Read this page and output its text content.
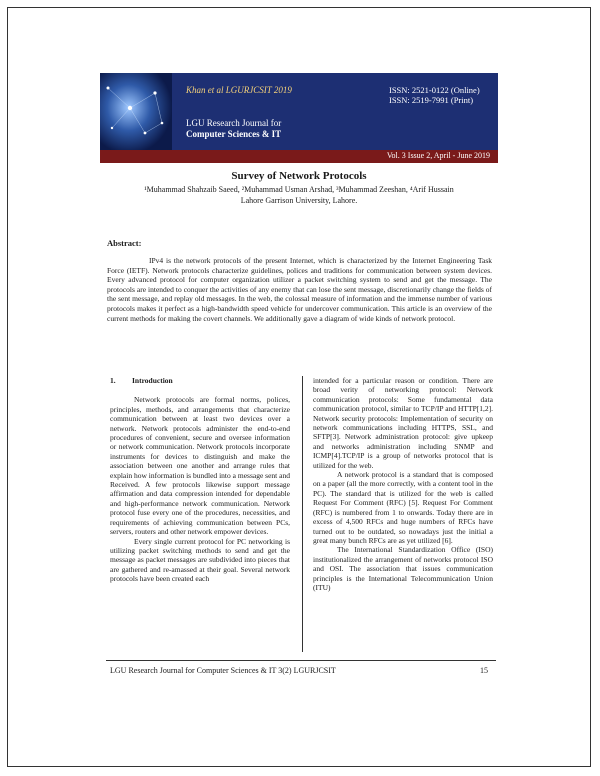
Khan et al LGURJCSIT 2019	ISSN: 2521-0122 (Online)
ISSN: 2519-7991 (Print)
LGU Research Journal for
Computer Sciences & IT
Vol. 3 Issue 2, April - June 2019
Survey of Network Protocols
¹Muhammad Shahzaib Saeed, ²Muhammad Usman Arshad, ³Muhammad Zeeshan, ⁴Arif Hussain
Lahore Garrison University, Lahore.
Abstract:
IPv4 is the network protocols of the present Internet, which is characterized by the Internet Engineering Task Force (IETF). Network protocols characterize guidelines, polices and traditions for communication between system devices. Every advanced protocol for computer organization utilizer a packet switching system to send and get the message. The protocols are intended to conquer the activities of any enemy that can lose the sent message, discretionarily change the fields of the sent message, and replay old messages. In the web, the colossal measure of information and the immense number of various protocols makes it perfect as a high-bandwidth speed vehicle for undercover communication. This article is an overview of the current methods for making the covert channels. We additionally gave a diagram of wide kinds of network protocol.
1. Introduction

Network protocols are formal norms, polices, principles, methods, and arrangements that characterize communication between at least two devices over a network. Network protocols administer the end-to-end procedures of convenient, secure and oversee information or network communication. Network protocols incorporate instruments for devices to distinguish and make the association between one another and arrange rules that explain how information is bundled into a message sent and Received. A few protocols likewise support message affirmation and data compression intended for dependable and high-performance network communication. Network protocol fuse every one of the procedures, necessities, and requirements of achieving communication between PCs, servers, routers and other network empower devices.

Every single current protocol for PC networking is utilizing packet switching methods to send and get the message as packet messages are subdivided into pieces that are gathered and re-amassed at their goal. Several network protocols have been created each

intended for a particular reason or condition. There are broad verity of networking protocol: Network communication protocols: Some fundamental data communication protocol, similar to TCP/IP and HTTP[1,2]. Network security protocols: Implementation of security on network communications including HTTPS, SSL, and SFTP[3]. Network administration protocol: give upkeep and networks administration including SNMP and ICMP[4].TCP/IP is a group of networks protocol that is utilized for the web.

A network protocol is a standard that is composed on a paper (all the more correctly, with a content tool in the PC). The standard that is utilized for the web is called Request For Comment (RFC) [5]. Request For Comment (RFC) is numbered from 1 to onwards. Today there are in excess of 4,500 RFCs and huge numbers of RFCs have turned out to be outdated, so nowadays just the initial a great many bunch RFCs are as yet utilized [6].

The International Standardization Office (ISO) institutionalized the arrangement of networks protocol ISO and OSI. The association that issues communication principles is the International Telecommunication Union (ITU)

LGU Research Journal for Computer Sciences & IT 3(2) LGURJCSIT	15
